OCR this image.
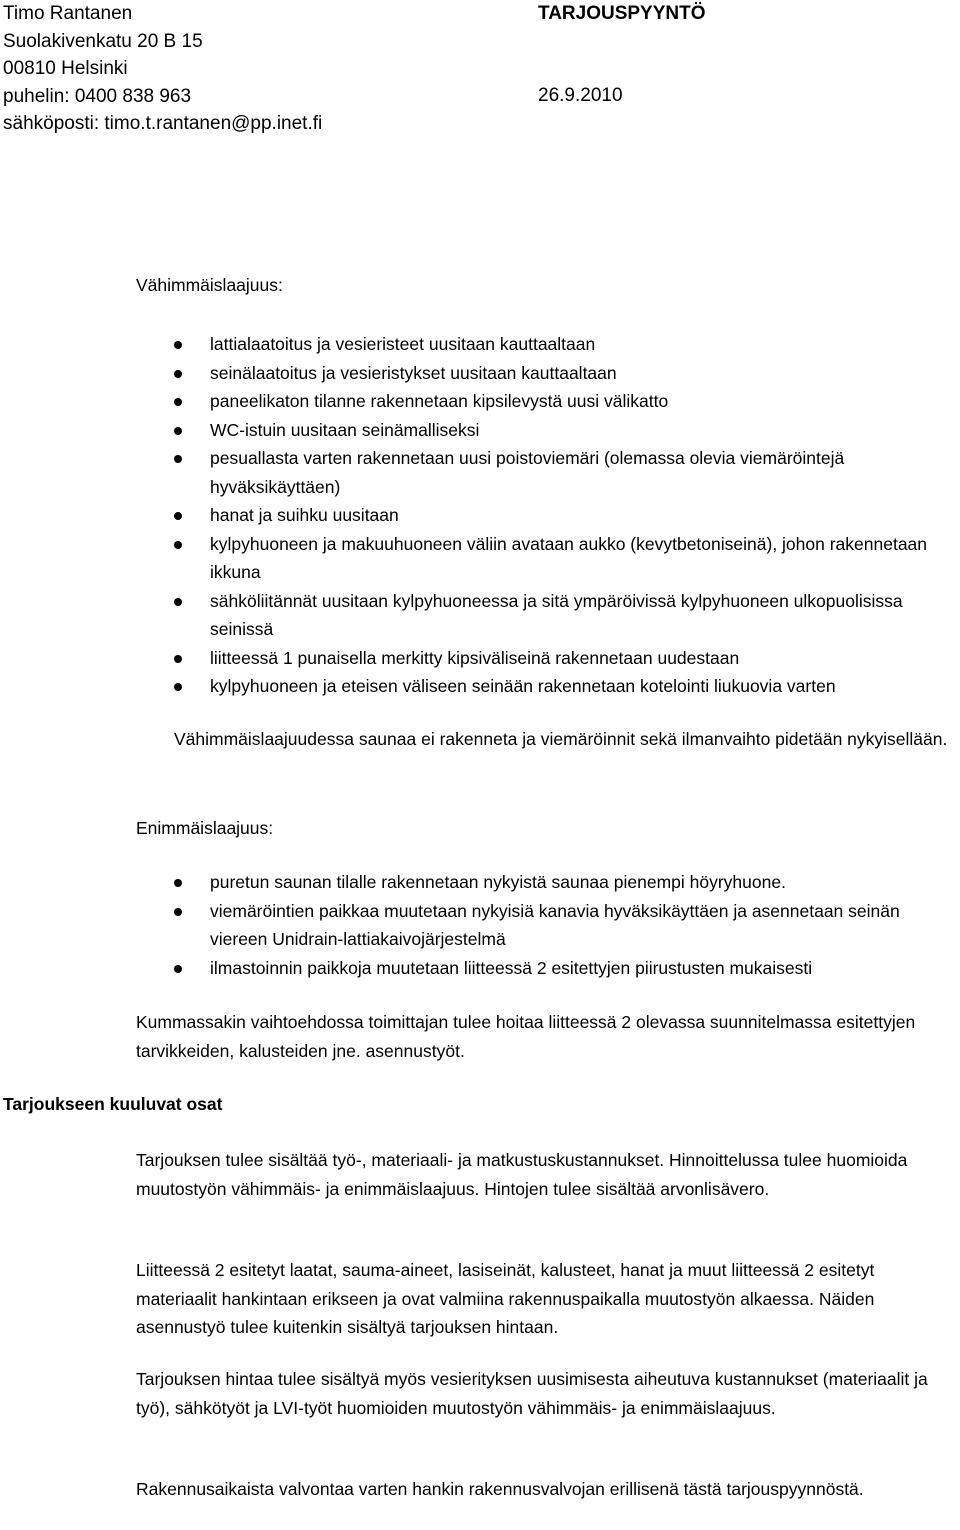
Timo Rantanen
Suolakivenkatu 20 B 15
00810 Helsinki
puhelin: 0400 838 963
sähköposti: timo.t.rantanen@pp.inet.fi
TARJOUSPYYNTÖ
26.9.2010
Vähimmäislaajuus:
lattialaatoitus ja vesieristeet uusitaan kauttaaltaan
seinälaatoitus ja vesieristykset uusitaan kauttaaltaan
paneelikaton tilanne rakennetaan kipsilevystä uusi välikatto
WC-istuin uusitaan seinämalliseksi
pesuallasta varten rakennetaan uusi poistoviemäri (olemassa olevia viemäröintejä hyväksikäyttäen)
hanat ja suihku uusitaan
kylpyhuoneen ja makuuhuoneen väliin avataan aukko (kevytbetoniseinä), johon rakennetaan ikkuna
sähköliitännät uusitaan kylpyhuoneessa ja sitä ympäröivissä kylpyhuoneen ulkopuolisissa seinissä
liitteessä 1 punaisella merkitty kipsiväliseinä rakennetaan uudestaan
kylpyhuoneen ja eteisen väliseen seinään rakennetaan kotelointi liukuovia varten

Vähimmäislaajuudessa saunaa ei rakenneta ja viemäröinnit sekä ilmanvaihto pidetään nykyisellään.

Enimmäislaajuus:
puretun saunan tilalle rakennetaan nykyistä saunaa pienempi höyryhuone.
viemäröintien paikkaa muutetaan nykyisiä kanavia hyväksikäyttäen ja asennetaan seinän viereen Unidrain-lattiakaivojärjestelmä
ilmastoinnin paikkoja muutetaan liitteessä 2 esitettyjen piirustusten mukaisesti

Kummassakin vaihtoehdossa toimittajan tulee hoitaa liitteessä 2 olevassa suunnitelmassa esitettyjen tarvikkeiden, kalusteiden jne. asennustyöt.

Tarjoukseen kuuluvat osat

Tarjouksen tulee sisältää työ-, materiaali- ja matkustuskustannukset. Hinnoittelussa tulee huomioida muutostyön vähimmäis- ja enimmäislaajuus. Hintojen tulee sisältää arvonlisävero.

Liitteessä 2 esitetyt laatat, sauma-aineet, lasiseinät, kalusteet, hanat ja muut liitteessä 2 esitetyt materiaalit hankintaan erikseen ja ovat valmiina rakennuspaikalla muutostyön alkaessa. Näiden asennustyö tulee kuitenkin sisältyä tarjouksen hintaan.

Tarjouksen hintaa tulee sisältyä myös vesierityksen uusimisesta aiheutuva kustannukset (materiaalit ja työ), sähkötyöt ja LVI-työt huomioiden muutostyön vähimmäis- ja enimmäislaajuus.

Rakennusaikaista valvontaa varten hankin rakennusvalvojan erillisenä tästä tarjouspyynnöstä.
